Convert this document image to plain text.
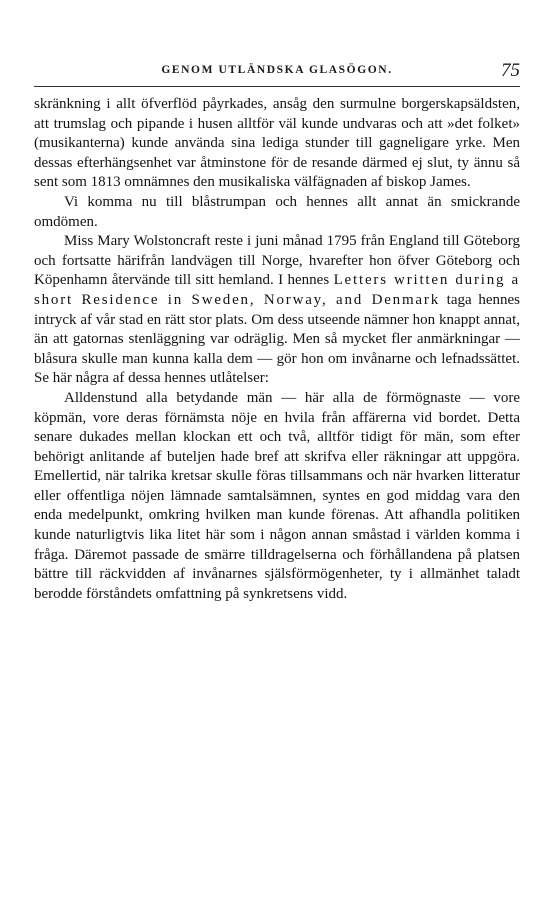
GENOM UTLÄNDSKA GLASÖGON.	75

skränkning i allt öfverflöd påyrkades, ansåg den surmulne borgerskapsäldsten, att trumslag och pipande i husen alltför väl kunde undvaras och att »det folket» (musikanterna) kunde använda sina lediga stunder till gagneligare yrke. Men dessas efterhängsenhet var åtminstone för de resande därmed ej slut, ty ännu så sent som 1813 omnämnes den musikaliska välfägnaden af biskop James.

Vi komma nu till blåstrumpan och hennes allt annat än smickrande omdömen.

Miss Mary Wolstoncraft reste i juni månad 1795 från England till Göteborg och fortsatte härifrån landvägen till Norge, hvarefter hon öfver Göteborg och Köpenhamn återvände till sitt hemland. I hennes Letters written during a short Residence in Sweden, Norway, and Denmark taga hennes intryck af vår stad en rätt stor plats. Om dess utseende nämner hon knappt annat, än att gatornas stenläggning var odräglig. Men så mycket fler anmärkningar — blåsura skulle man kunna kalla dem — gör hon om invånarne och lefnadssättet. Se här några af dessa hennes utlåtelser:

Alldenstund alla betydande män — här alla de förmögnaste — vore köpmän, vore deras förnämsta nöje en hvila från affärerna vid bordet. Detta senare dukades mellan klockan ett och två, alltför tidigt för män, som efter behörigt anlitande af buteljen hade bref att skrifva eller räkningar att uppgöra. Emellertid, när talrika kretsar skulle föras tillsammans och när hvarken litteratur eller offentliga nöjen lämnade samtalsämnen, syntes en god middag vara den enda medelpunkt, omkring hvilken man kunde förenas. Att afhandla politiken kunde naturligtvis lika litet här som i någon annan småstad i världen komma i fråga. Däremot passade de smärre tilldragelserna och förhållandena på platsen bättre till räckvidden af invånarnes själsförmögenheter, ty i allmänhet taladt berodde förståndets omfattning på synkretsens vidd.
